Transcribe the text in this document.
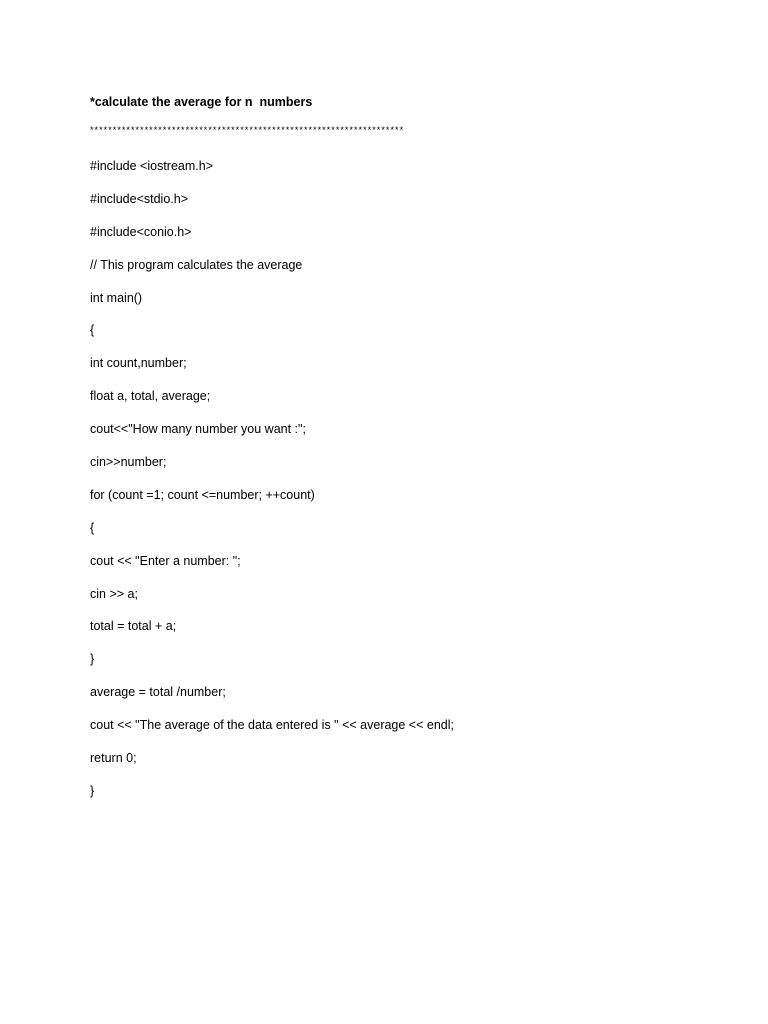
*calculate the average for n  numbers
*********************************************************************
#include <iostream.h>
#include<stdio.h>
#include<conio.h>
// This program calculates the average
int main()
{
int count,number;
float a, total, average;
cout<<"How many number you want :";
cin>>number;
for (count =1; count <=number; ++count)
{
cout << "Enter a number: ";
cin >> a;
total = total + a;
}
average = total /number;
cout << "The average of the data entered is " << average << endl;
return 0;
}
